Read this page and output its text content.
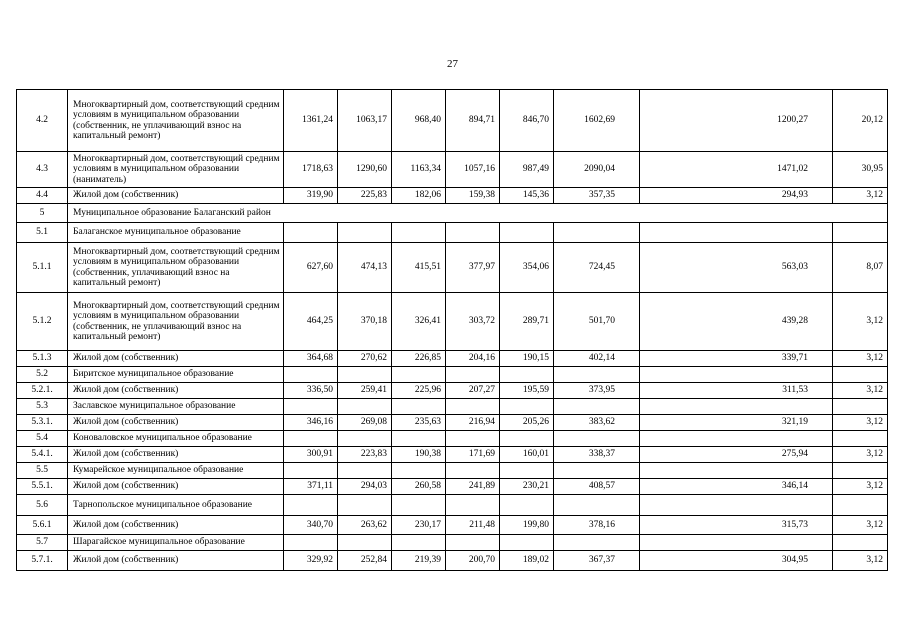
27
4.2	Многоквартирный дом, соответствующий средним условиям в муниципальном образовании (собственник, не уплачивающий взнос на капитальный ремонт)	1361,24	1063,17	968,40	894,71	846,70	1602,69	1200,27	20,12
4.3	Многоквартирный дом, соответствующий средним условиям в муниципальном образовании (наниматель)	1718,63	1290,60	1163,34	1057,16	987,49	2090,04	1471,02	30,95
4.4	Жилой дом (собственник)	319,90	225,83	182,06	159,38	145,36	357,35	294,93	3,12
5	Муниципальное образование Балаганский район								
5.1	Балаганское муниципальное образование								
5.1.1	Многоквартирный дом, соответствующий средним условиям в муниципальном образовании (собственник, уплачивающий взнос на капитальный ремонт)	627,60	474,13	415,51	377,97	354,06	724,45	563,03	8,07
5.1.2	Многоквартирный дом, соответствующий средним условиям в муниципальном образовании (собственник, не уплачивающий взнос на капитальный ремонт)	464,25	370,18	326,41	303,72	289,71	501,70	439,28	3,12
5.1.3	Жилой дом (собственник)	364,68	270,62	226,85	204,16	190,15	402,14	339,71	3,12
5.2	Биритское муниципальное образование								
5.2.1.	Жилой дом (собственник)	336,50	259,41	225,96	207,27	195,59	373,95	311,53	3,12
5.3	Заславское муниципальное образование								
5.3.1.	Жилой дом (собственник)	346,16	269,08	235,63	216,94	205,26	383,62	321,19	3,12
5.4	Коноваловское муниципальное образование								
5.4.1.	Жилой дом (собственник)	300,91	223,83	190,38	171,69	160,01	338,37	275,94	3,12
5.5	Кумарейское муниципальное образование								
5.5.1.	Жилой дом (собственник)	371,11	294,03	260,58	241,89	230,21	408,57	346,14	3,12
5.6	Тарнопольское муниципальное образование								
5.6.1	Жилой дом (собственник)	340,70	263,62	230,17	211,48	199,80	378,16	315,73	3,12
5.7	Шарагайское муниципальное образование								
5.7.1.	Жилой дом (собственник)	329,92	252,84	219,39	200,70	189,02	367,37	304,95	3,12
